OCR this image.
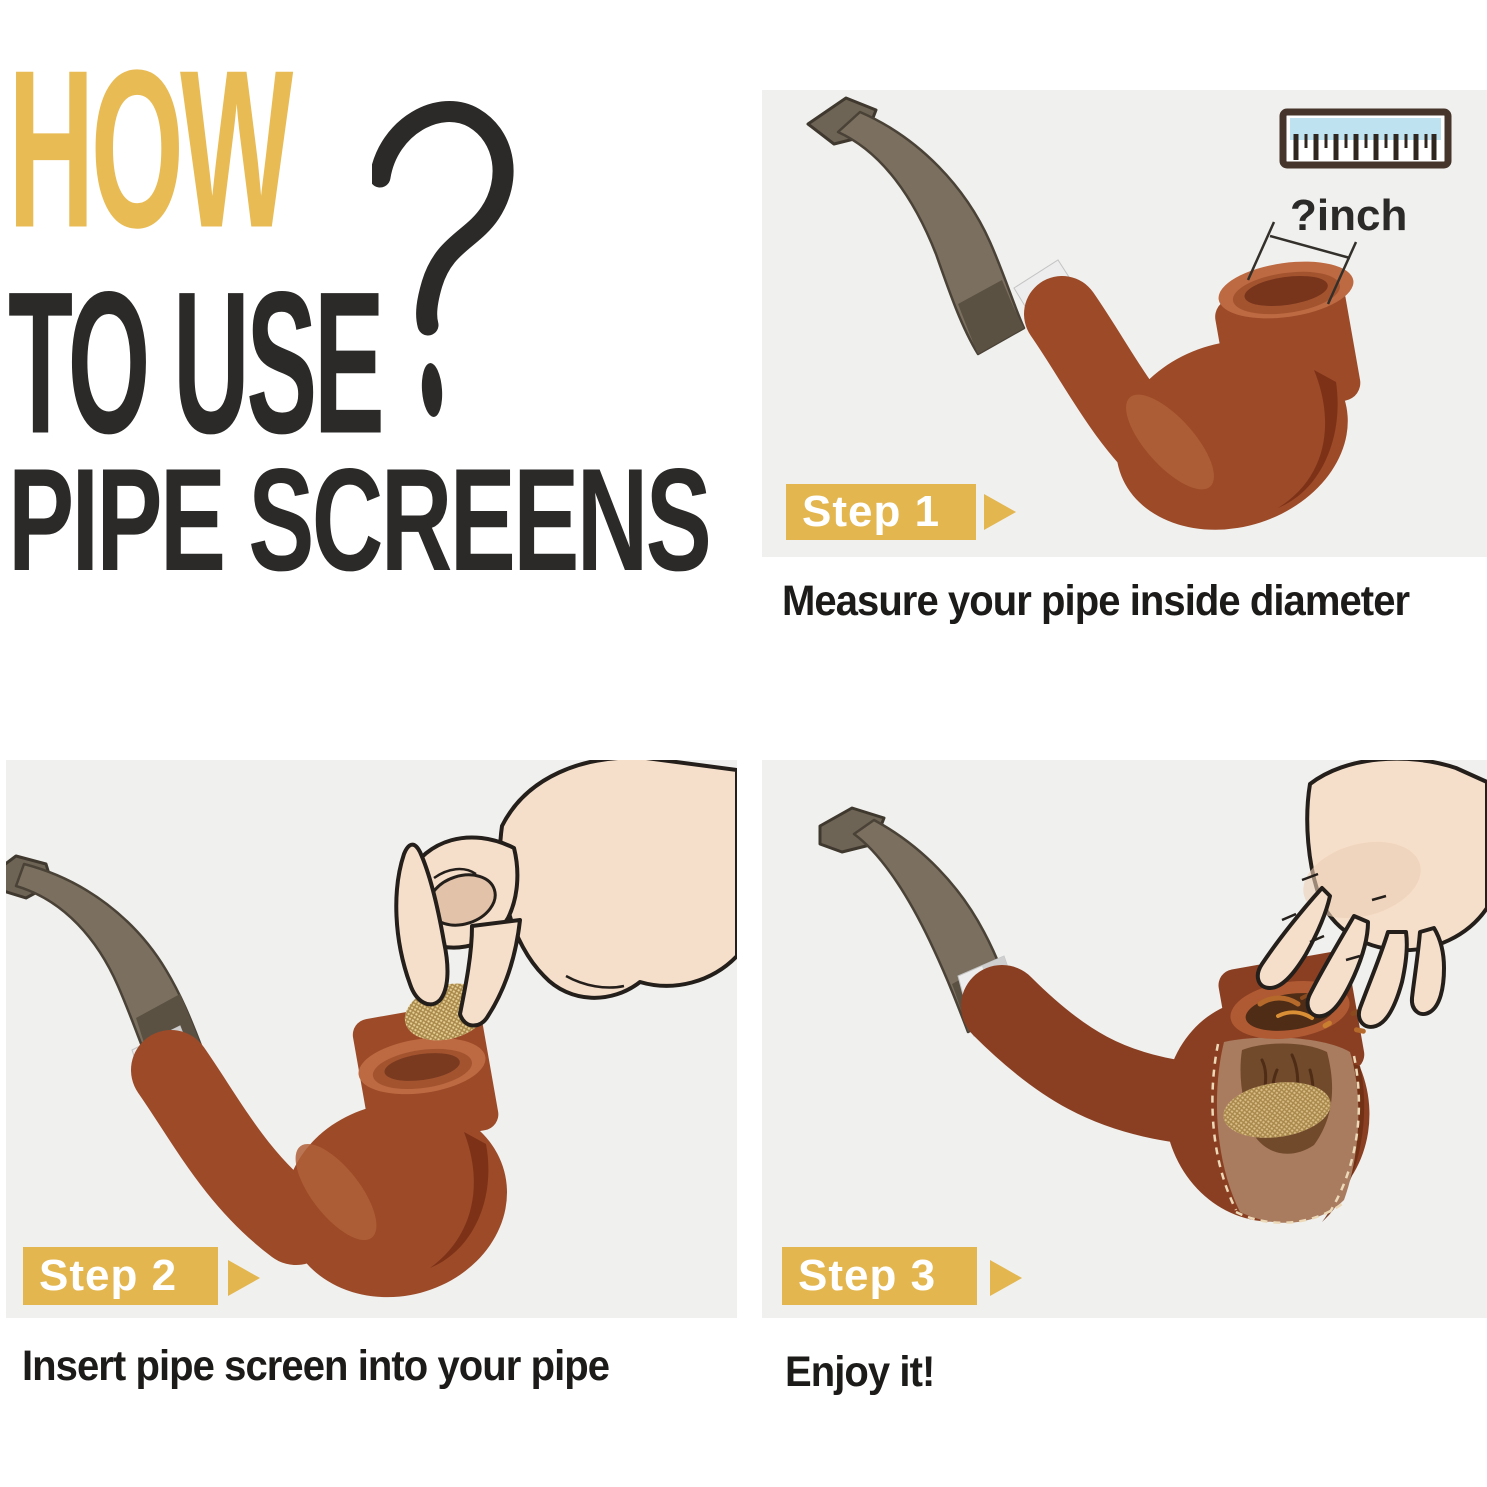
HOW
TO USE
PIPE SCREENS
?inch
Step 1
Measure your pipe inside diameter
Step 2
Insert pipe screen into your pipe
Step 3
Enjoy it!
